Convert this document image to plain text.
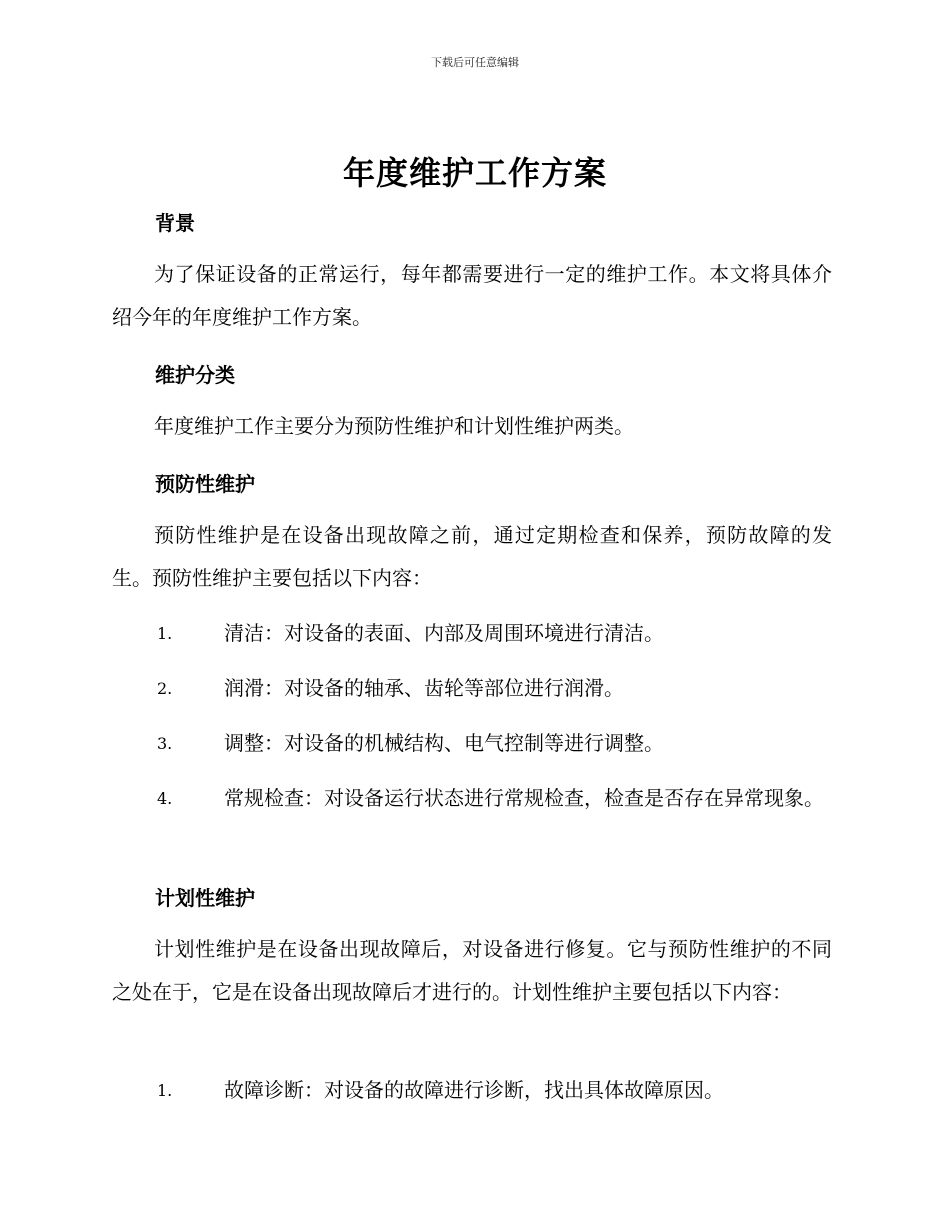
下载后可任意编辑
年度维护工作方案
背景

为了保证设备的正常运行，每年都需要进行一定的维护工作。本文将具体介绍今年的年度维护工作方案。

维护分类

年度维护工作主要分为预防性维护和计划性维护两类。

预防性维护

预防性维护是在设备出现故障之前，通过定期检查和保养，预防故障的发生。预防性维护主要包括以下内容：

1.	清洁：对设备的表面、内部及周围环境进行清洁。
2.	润滑：对设备的轴承、齿轮等部位进行润滑。
3.	调整：对设备的机械结构、电气控制等进行调整。
4.	常规检查：对设备运行状态进行常规检查，检查是否存在异常现象。
计划性维护

计划性维护是在设备出现故障后，对设备进行修复。它与预防性维护的不同之处在于，它是在设备出现故障后才进行的。计划性维护主要包括以下内容：

1.	故障诊断：对设备的故障进行诊断，找出具体故障原因。
